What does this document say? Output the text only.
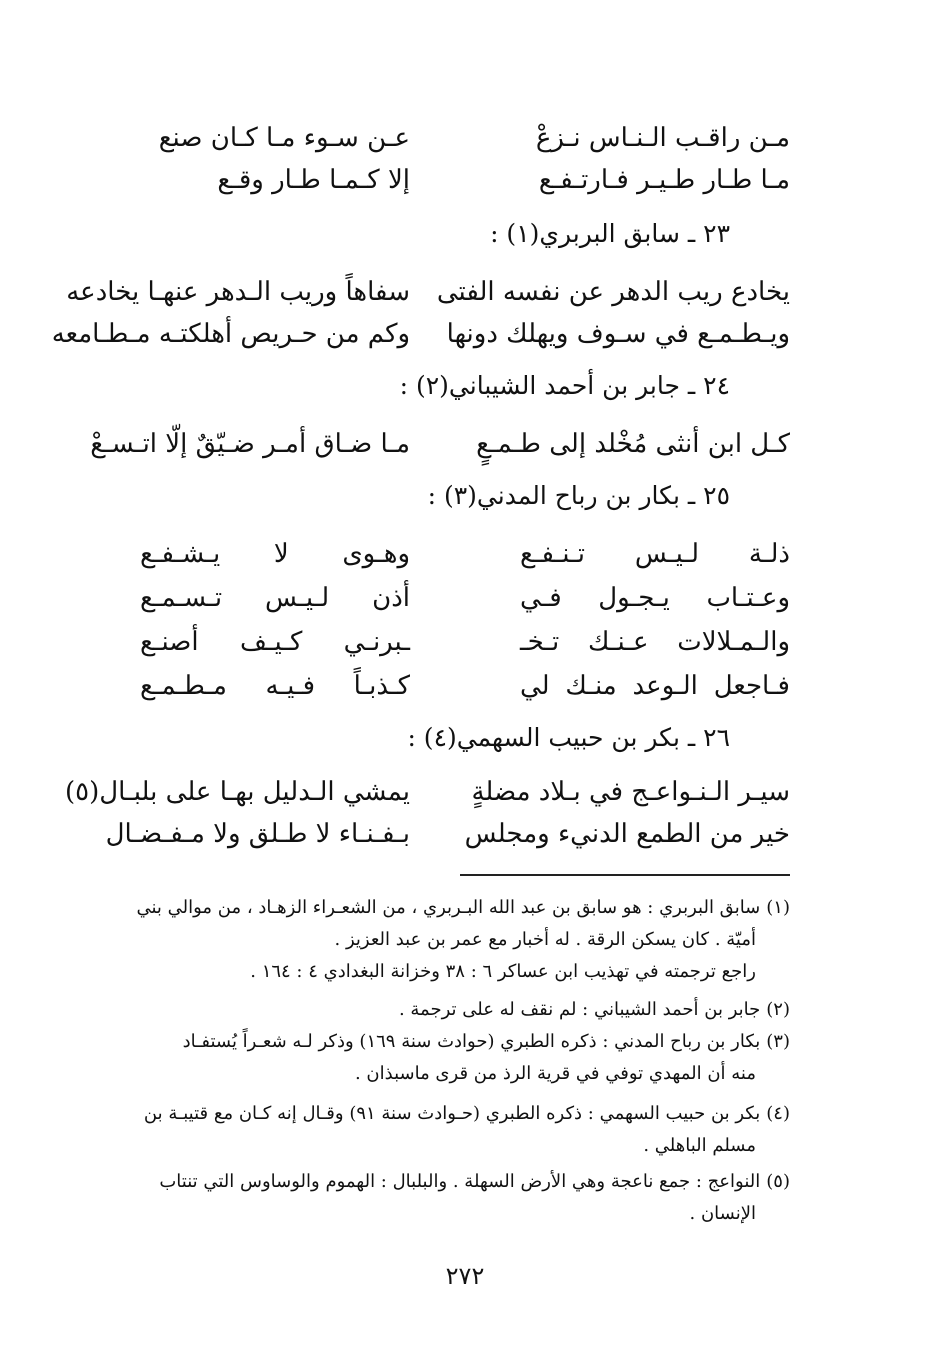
مـن راقـب الـنـاس نـزعْ
عـن سـوء مـا كـان صنع
مـا طـار طـيـر فـارتـفـع
إلا كـمـا طـار وقـع
٢٣ ـ سابق البربري(١) :
يخادع ريب الدهر عن نفسه الفتى
سفاهاً وريب الـدهر عنهـا يخادعه
ويـطـمـع في سـوف ويهلك دونها
وكم من حـريص أهلكتـه مـطـامعه
٢٤ ـ جابر بن أحمد الشيباني(٢) :
كـل ابن أنثى مُخْلد إلى طـمـعٍ
مـا ضـاق أمـر ضـيّقٌ إلّا اتـسـعْ
٢٥ ـ بكار بن رباح المدني(٣) :
ذلـة لـيـس تـنـفـع
وهـوى لا يـشـفـع
وعـتـاب يـجـول فـي
أذن لـيـس تـسـمـع
والـمـلالات عـنـك تـخـ
ـبرنـي كـيـف أصنـع
فـاجعل الـوعد منـك لي
كـذبـاً فـيـه مـطـمـع
٢٦ ـ بكر بن حبيب السهمي(٤) :
سيـر الـنـواعـج في بـلاد مضلةٍ
يمشي الـدليل بهـا على بلبـال(٥)
خير من الطمع الدنيء ومجلس
بـفـنـاء لا طـلق ولا مـفـضـال
(١)سابق البربري : هو سابق بن عبد الله البـربري ، من الشعـراء الزهـاد ، من موالي بني
أميّة . كان يسكن الرقة . له أخبار مع عمر بن عبد العزيز .
راجع ترجمته في تهذيب ابن عساكر ٦ : ٣٨ وخزانة البغدادي ٤ : ١٦٤ .
(٢)جابر بن أحمد الشيباني : لم نقف له على ترجمة .
(٣)بكار بن رباح المدني : ذكره الطبري (حوادث سنة ١٦٩) وذكر لـه شعـراً يُستفـاد
منه أن المهدي توفي في قرية الرذ من قرى ماسبذان .
(٤)بكر بن حبيب السهمي : ذكره الطبري (حـوادث سنة ٩١) وقـال إنه كـان مع قتيبـة بن
مسلم الباهلي .
(٥)النواعج : جمع ناعجة وهي الأرض السهلة . والبلبال : الهموم والوساوس التي تنتاب
الإنسان .
٢٧٢
